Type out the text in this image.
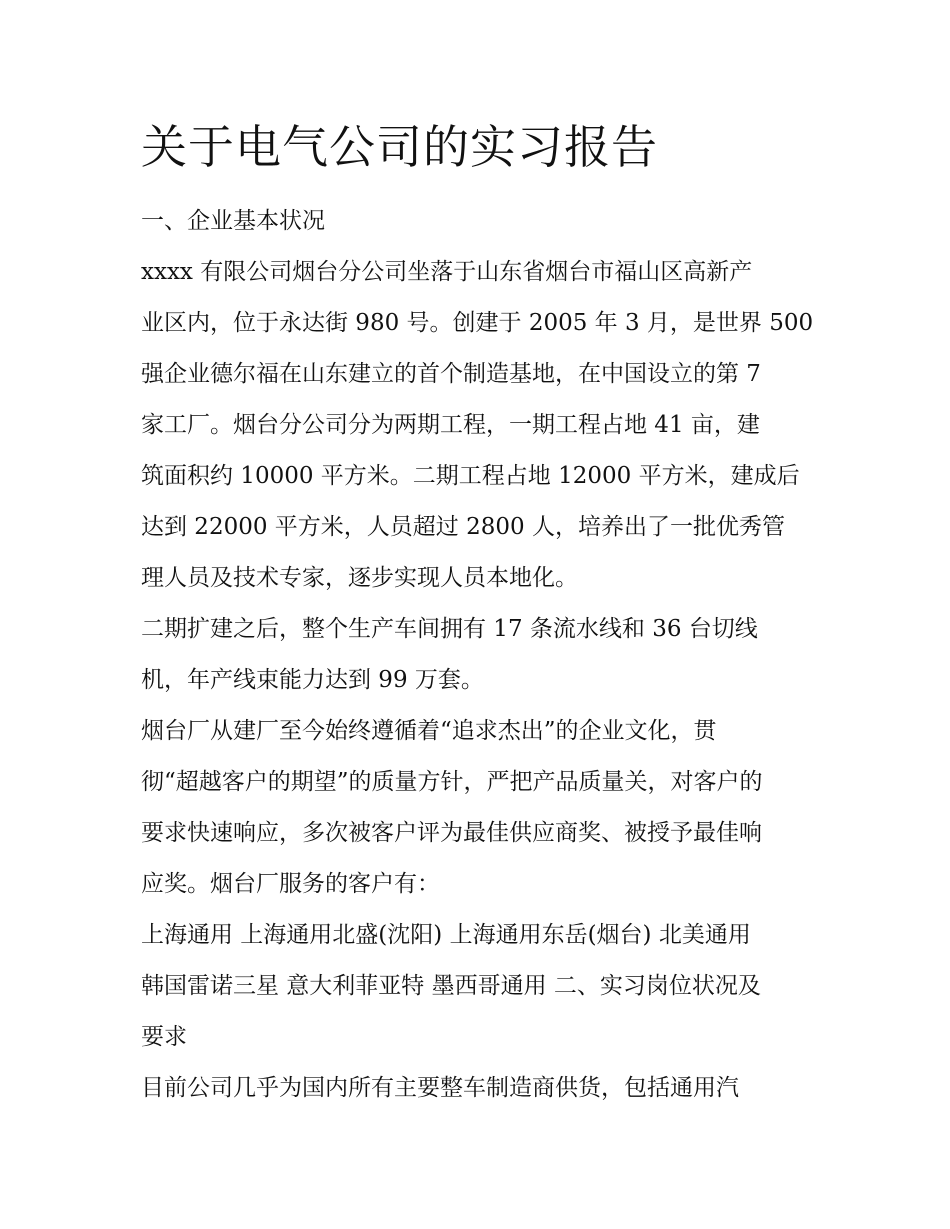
关于电气公司的实习报告

一、企业基本状况

xxxx 有限公司烟台分公司坐落于山东省烟台市福山区高新产

业区内，位于永达街 980 号。创建于 2005 年 3 月，是世界 500

强企业德尔福在山东建立的首个制造基地，在中国设立的第 7

家工厂。烟台分公司分为两期工程，一期工程占地 41 亩，建

筑面积约 10000 平方米。二期工程占地 12000 平方米，建成后

达到 22000 平方米，人员超过 2800 人，培养出了一批优秀管

理人员及技术专家，逐步实现人员本地化。

二期扩建之后，整个生产车间拥有 17 条流水线和 36 台切线

机，年产线束能力达到 99 万套。

烟台厂从建厂至今始终遵循着“追求杰出”的企业文化，贯

彻“超越客户的期望”的质量方针，严把产品质量关，对客户的

要求快速响应，多次被客户评为最佳供应商奖、被授予最佳响

应奖。烟台厂服务的客户有：

上海通用 上海通用北盛(沈阳) 上海通用东岳(烟台) 北美通用

韩国雷诺三星 意大利菲亚特 墨西哥通用 二、实习岗位状况及

要求

目前公司几乎为国内所有主要整车制造商供货，包括通用汽
